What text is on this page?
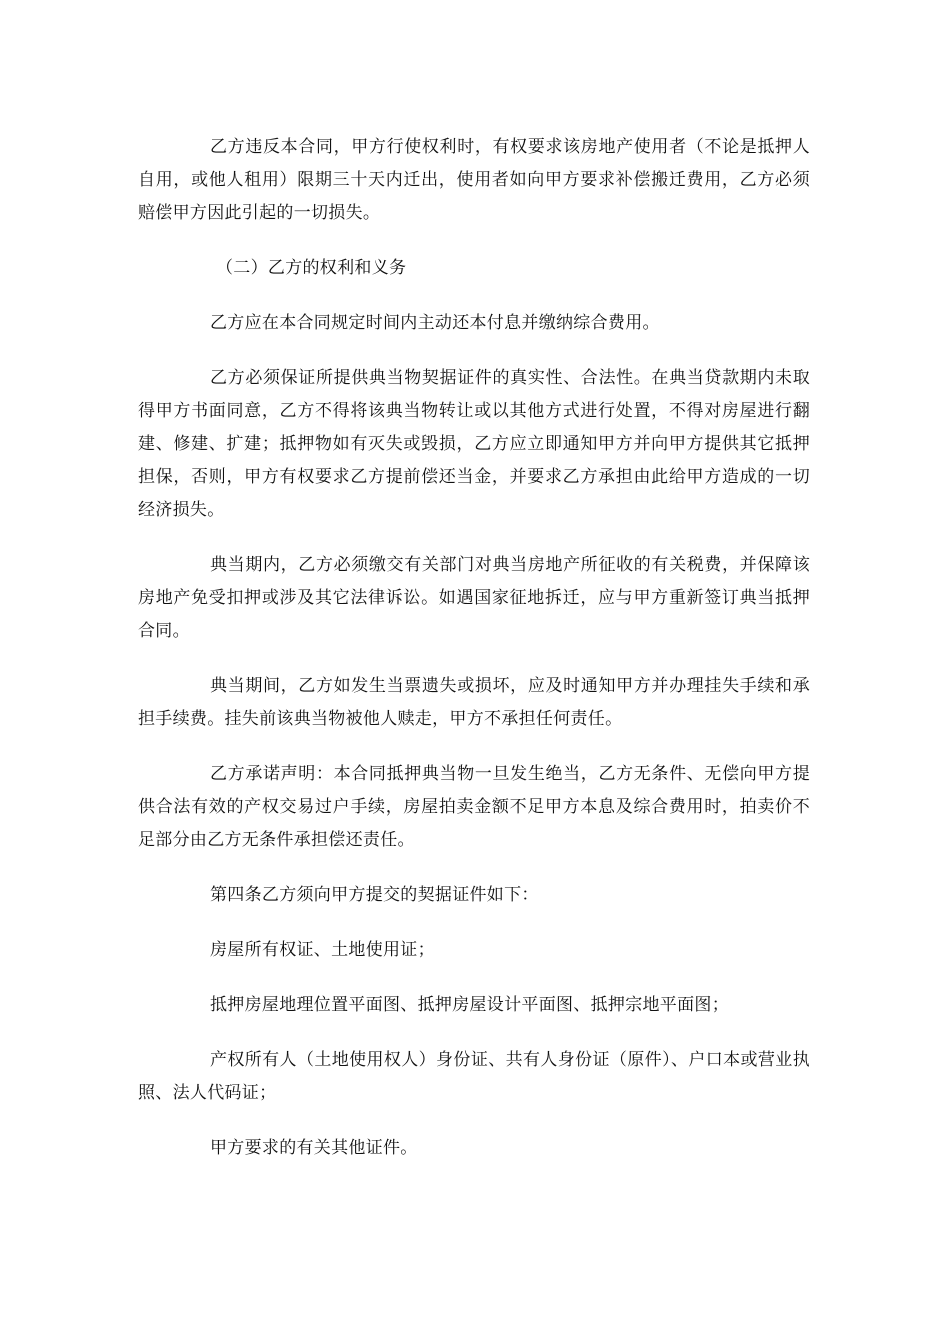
乙方违反本合同，甲方行使权利时，有权要求该房地产使用者（不论是抵押人自用，或他人租用）限期三十天内迁出，使用者如向甲方要求补偿搬迁费用，乙方必须赔偿甲方因此引起的一切损失。

（二）乙方的权利和义务

乙方应在本合同规定时间内主动还本付息并缴纳综合费用。

乙方必须保证所提供典当物契据证件的真实性、合法性。在典当贷款期内未取得甲方书面同意，乙方不得将该典当物转让或以其他方式进行处置，不得对房屋进行翻建、修建、扩建；抵押物如有灭失或毁损，乙方应立即通知甲方并向甲方提供其它抵押担保，否则，甲方有权要求乙方提前偿还当金，并要求乙方承担由此给甲方造成的一切经济损失。

典当期内，乙方必须缴交有关部门对典当房地产所征收的有关税费，并保障该房地产免受扣押或涉及其它法律诉讼。如遇国家征地拆迁，应与甲方重新签订典当抵押合同。

典当期间，乙方如发生当票遗失或损坏，应及时通知甲方并办理挂失手续和承担手续费。挂失前该典当物被他人赎走，甲方不承担任何责任。

乙方承诺声明：本合同抵押典当物一旦发生绝当，乙方无条件、无偿向甲方提供合法有效的产权交易过户手续，房屋拍卖金额不足甲方本息及综合费用时，拍卖价不足部分由乙方无条件承担偿还责任。

第四条乙方须向甲方提交的契据证件如下：

房屋所有权证、土地使用证；

抵押房屋地理位置平面图、抵押房屋设计平面图、抵押宗地平面图；

产权所有人（土地使用权人）身份证、共有人身份证（原件）、户口本或营业执照、法人代码证；

甲方要求的有关其他证件。
